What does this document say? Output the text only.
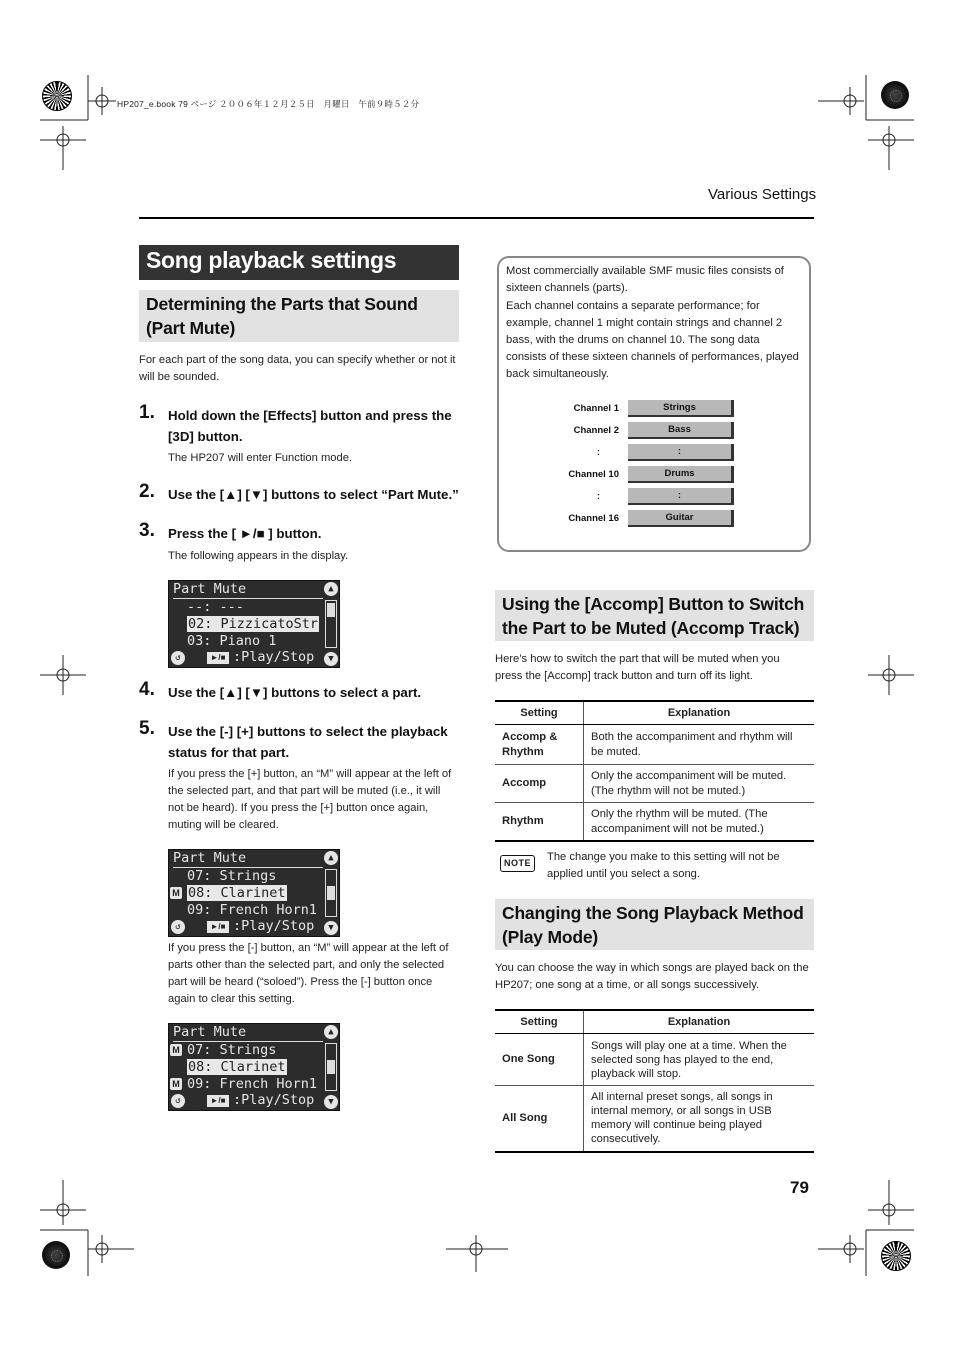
HP207_e.book 79 ページ ２００６年１２月２５日　月曜日　午前９時５２分
Various Settings
Song playback settings
Determining the Parts that Sound (Part Mute)
For each part of the song data, you can specify whether or not it will be sounded.
1. Hold down the [Effects] button and press the [3D] button.
The HP207 will enter Function mode.
2. Use the [▲] [▼] buttons to select “Part Mute.”
3. Press the [ ►/■ ] button.
The following appears in the display.
Part Mute	▲
--: ---
02: PizzicatoStr
03: Piano 1
↺	►/■ :Play/Stop	▼
4. Use the [▲] [▼] buttons to select a part.
5. Use the [-] [+] buttons to select the playback status for that part.
If you press the [+] button, an “M” will appear at the left of the selected part, and that part will be muted (i.e., it will not be heard). If you press the [+] button once again, muting will be cleared.
Part Mute	▲
07: Strings
M 08: Clarinet
09: French Horn1
↺	►/■ :Play/Stop	▼
If you press the [-] button, an “M” will appear at the left of parts other than the selected part, and only the selected part will be heard (“soloed”). Press the [-] button once again to clear this setting.
Part Mute	▲
M 07: Strings
08: Clarinet
M 09: French Horn1
↺	►/■ :Play/Stop	▼
Most commercially available SMF music files consists of
sixteen channels (parts).
Each channel contains a separate performance; for
example, channel 1 might contain strings and channel 2
bass, with the drums on channel 10. The song data
consists of these sixteen channels of performances, played
back simultaneously.
Channel 1	Strings
Channel 2	Bass
:	:
Channel 10	Drums
:	:
Channel 16	Guitar
Using the [Accomp] Button to Switch the Part to be Muted (Accomp Track)
Here’s how to switch the part that will be muted when you press the [Accomp] track button and turn off its light.
Setting	Explanation
Accomp & Rhythm	Both the accompaniment and rhythm will be muted.
Accomp	Only the accompaniment will be muted. (The rhythm will not be muted.)
Rhythm	Only the rhythm will be muted. (The accompaniment will not be muted.)
NOTE	The change you make to this setting will not be applied until you select a song.
Changing the Song Playback Method (Play Mode)
You can choose the way in which songs are played back on the HP207; one song at a time, or all songs successively.
Setting	Explanation
One Song	Songs will play one at a time. When the selected song has played to the end, playback will stop.
All Song	All internal preset songs, all songs in internal memory, or all songs in USB memory will continue being played consecutively.
79
